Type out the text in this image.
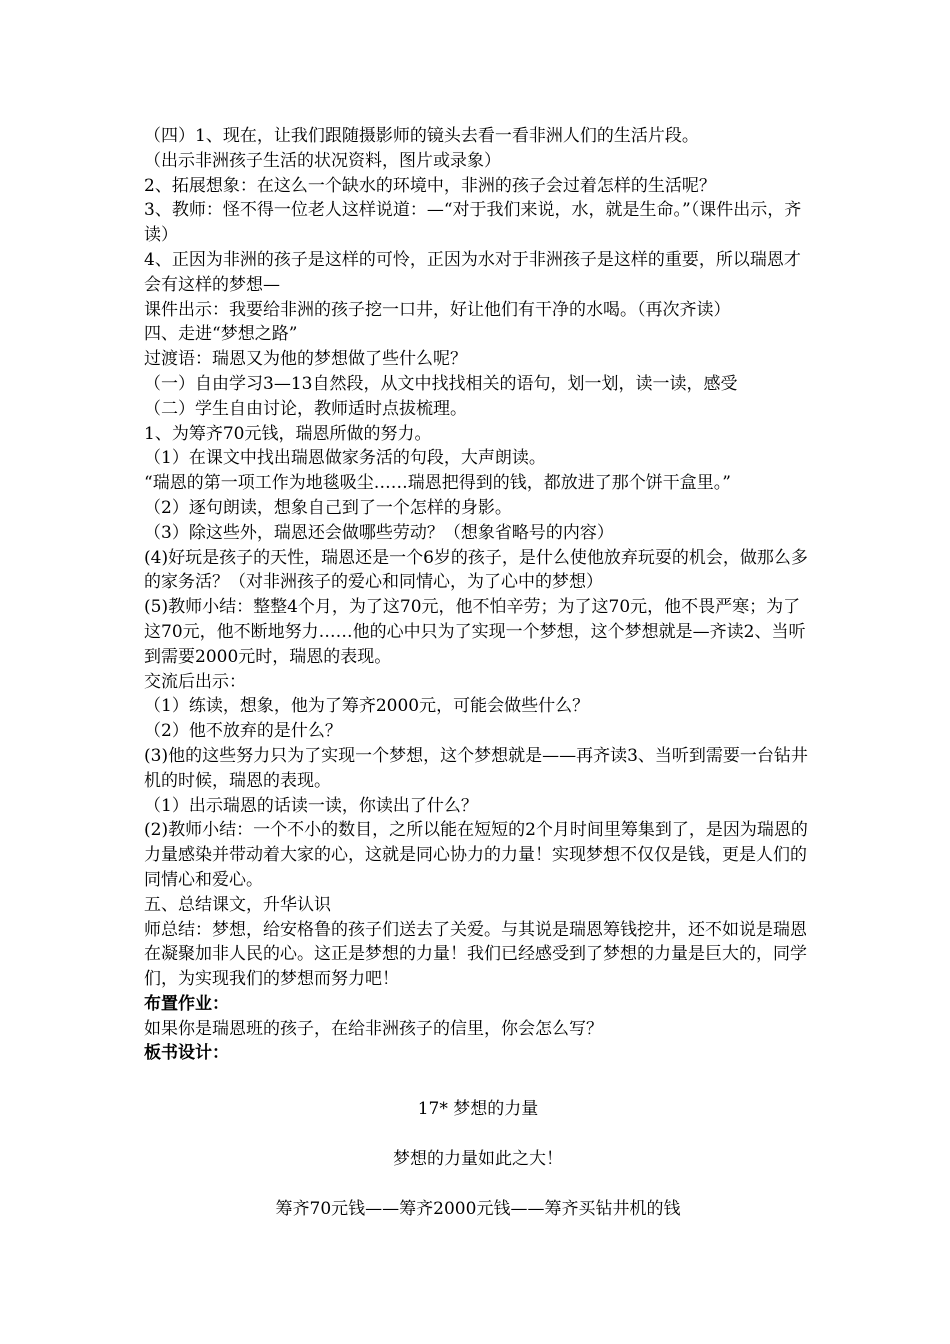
（四）1、现在，让我们跟随摄影师的镜头去看一看非洲人们的生活片段。

（出示非洲孩子生活的状况资料，图片或录象）

2、拓展想象：在这么一个缺水的环境中，非洲的孩子会过着怎样的生活呢？

3、教师：怪不得一位老人这样说道：—“对于我们来说，水，就是生命。”（课件出示，齐读）

4、正因为非洲的孩子是这样的可怜，正因为水对于非洲孩子是这样的重要，所以瑞恩才会有这样的梦想—

课件出示：我要给非洲的孩子挖一口井，好让他们有干净的水喝。（再次齐读）

四、走进“梦想之路”

过渡语：瑞恩又为他的梦想做了些什么呢？

（一）自由学习3—13自然段，从文中找找相关的语句，划一划，读一读，感受

（二）学生自由讨论，教师适时点拔梳理。

1、为筹齐70元钱，瑞恩所做的努力。

（1）在课文中找出瑞恩做家务活的句段，大声朗读。

“瑞恩的第一项工作为地毯吸尘……瑞恩把得到的钱，都放进了那个饼干盒里。”

（2）逐句朗读，想象自己到了一个怎样的身影。

（3）除这些外，瑞恩还会做哪些劳动？（想象省略号的内容）

(4)好玩是孩子的天性，瑞恩还是一个6岁的孩子，是什么使他放弃玩耍的机会，做那么多的家务活？（对非洲孩子的爱心和同情心，为了心中的梦想）

(5)教师小结：整整4个月，为了这70元，他不怕辛劳；为了这70元，他不畏严寒；为了这70元，他不断地努力……他的心中只为了实现一个梦想，这个梦想就是—齐读2、当听到需要2000元时，瑞恩的表现。

交流后出示：

（1）练读，想象，他为了筹齐2000元，可能会做些什么？

（2）他不放弃的是什么？

(3)他的这些努力只为了实现一个梦想，这个梦想就是——再齐读3、当听到需要一台钻井机的时候，瑞恩的表现。

（1）出示瑞恩的话读一读，你读出了什么？

(2)教师小结：一个不小的数目，之所以能在短短的2个月时间里筹集到了，是因为瑞恩的力量感染并带动着大家的心，这就是同心协力的力量！实现梦想不仅仅是钱，更是人们的同情心和爱心。

五、总结课文，升华认识

师总结：梦想，给安格鲁的孩子们送去了关爱。与其说是瑞恩筹钱挖井，还不如说是瑞恩在凝聚加非人民的心。这正是梦想的力量！我们已经感受到了梦想的力量是巨大的，同学们，为实现我们的梦想而努力吧！

布置作业：

如果你是瑞恩班的孩子，在给非洲孩子的信里，你会怎么写？

板书设计：

17* 梦想的力量

梦想的力量如此之大！

筹齐70元钱——筹齐2000元钱——筹齐买钻井机的钱
